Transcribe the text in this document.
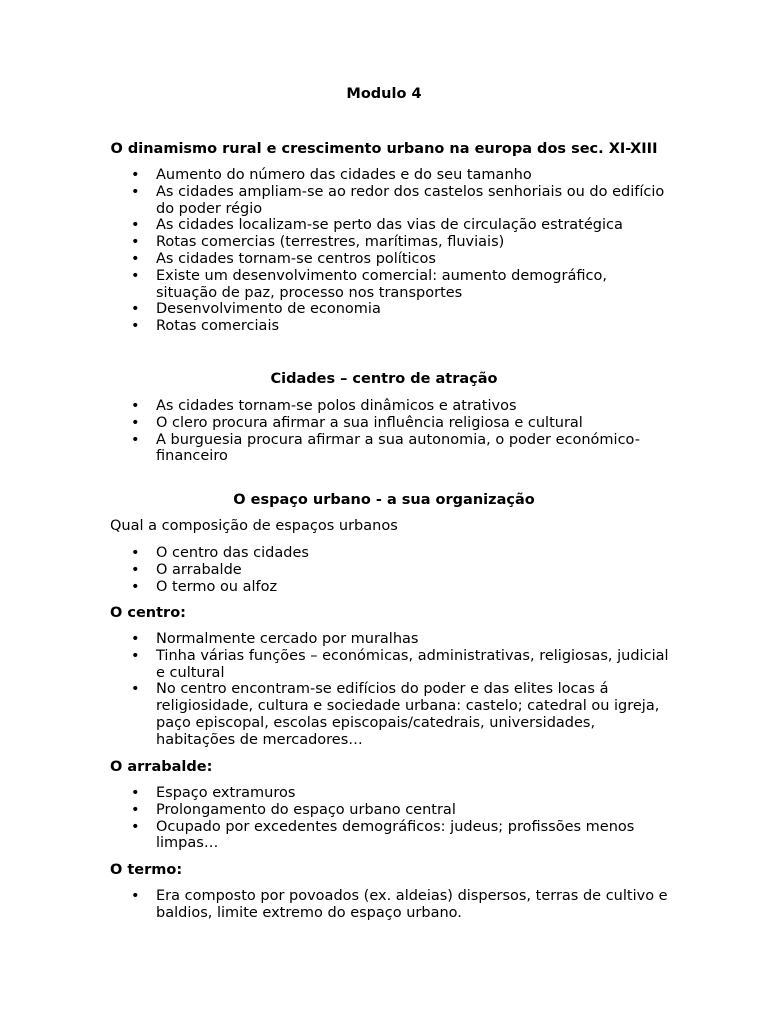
Modulo 4
O dinamismo rural e crescimento urbano na europa dos sec. XI-XIII
• Aumento do número das cidades e do seu tamanho
• As cidades ampliam-se ao redor dos castelos senhoriais ou do edifício do poder régio
• As cidades localizam-se perto das vias de circulação estratégica
• Rotas comercias (terrestres, marítimas, fluviais)
• As cidades tornam-se centros políticos
• Existe um desenvolvimento comercial: aumento demográfico, situação de paz, processo nos transportes
• Desenvolvimento de economia
• Rotas comerciais
Cidades – centro de atração
• As cidades tornam-se polos dinâmicos e atrativos
• O clero procura afirmar a sua influência religiosa e cultural
• A burguesia procura afirmar a sua autonomia, o poder económico-financeiro
O espaço urbano - a sua organização
Qual a composição de espaços urbanos
• O centro das cidades
• O arrabalde
• O termo ou alfoz
O centro:
• Normalmente cercado por muralhas
• Tinha várias funções – económicas, administrativas, religiosas, judicial e cultural
• No centro encontram-se edifícios do poder e das elites locas á religiosidade, cultura e sociedade urbana: castelo; catedral ou igreja, paço episcopal, escolas episcopais/catedrais, universidades, habitações de mercadores…
O arrabalde:
• Espaço extramuros
• Prolongamento do espaço urbano central
• Ocupado por excedentes demográficos: judeus; profissões menos limpas…
O termo:
• Era composto por povoados (ex. aldeias) dispersos, terras de cultivo e baldios, limite extremo do espaço urbano.
